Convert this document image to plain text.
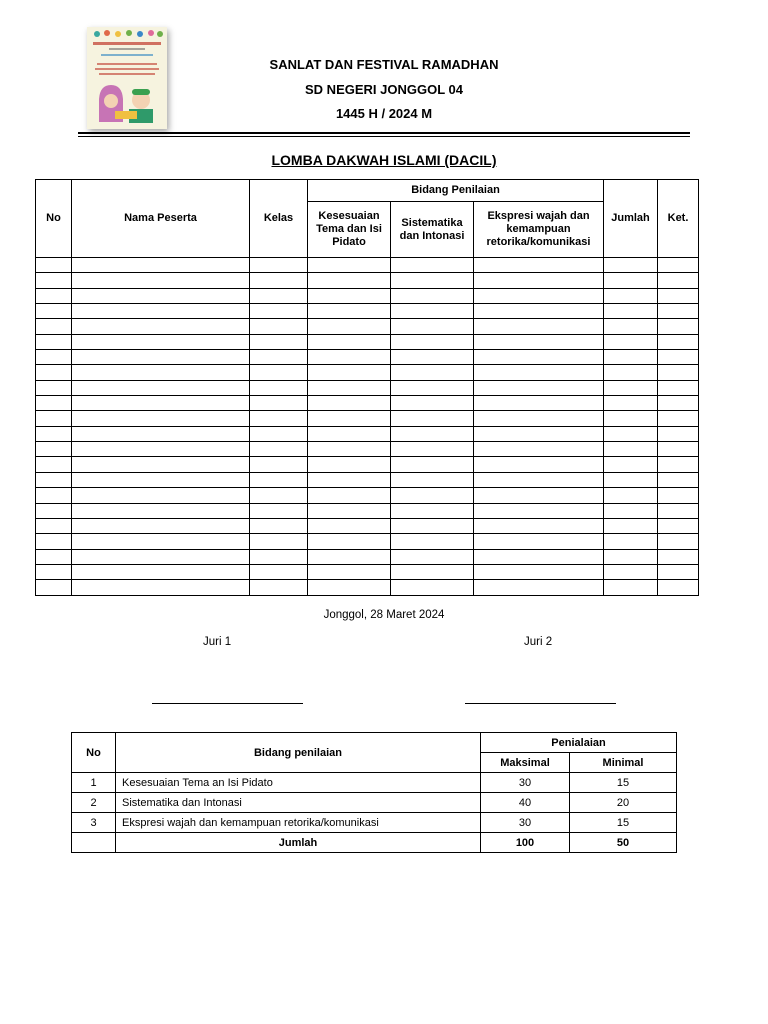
SANLAT DAN FESTIVAL RAMADHAN
SD NEGERI JONGGOL 04
1445 H / 2024 M
LOMBA DAKWAH ISLAMI (DACIL)
No	Nama Peserta	Kelas	Bidang Penilaian			Jumlah	Ket.
			Kesesuaian Tema dan Isi Pidato	Sistematika dan Intonasi	Ekspresi wajah dan kemampuan retorika/komunikasi		

Jonggol, 28 Maret 2024
Juri 1	Juri 2
No	Bidang penilaian	Penialaian	
		Maksimal	Minimal
1	Kesesuaian Tema an Isi Pidato	30	15
2	Sistematika dan Intonasi	40	20
3	Ekspresi wajah dan kemampuan retorika/komunikasi	30	15
	Jumlah	100	50
